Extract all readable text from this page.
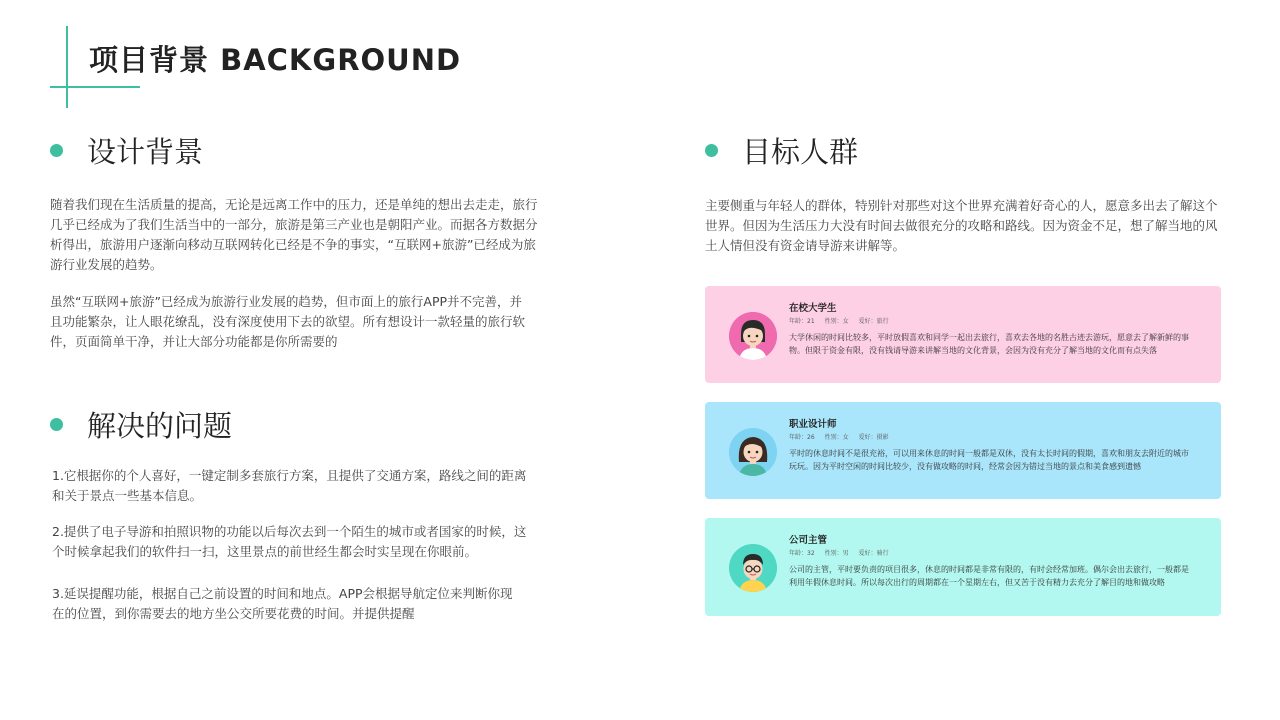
项目背景 BACKGROUND
设计背景

随着我们现在生活质量的提高，无论是远离工作中的压力，还是单纯的想出去走走，旅行几乎已经成为了我们生活当中的一部分，旅游是第三产业也是朝阳产业。而据各方数据分析得出，旅游用户逐渐向移动互联网转化已经是不争的事实，“互联网+旅游”已经成为旅游行业发展的趋势。

虽然“互联网+旅游”已经成为旅游行业发展的趋势，但市面上的旅行APP并不完善，并且功能繁杂，让人眼花缭乱，没有深度使用下去的欲望。所有想设计一款轻量的旅行软件，页面简单干净，并让大部分功能都是你所需要的

解决的问题

1.它根据你的个人喜好，一键定制多套旅行方案，且提供了交通方案，路线之间的距离和关于景点一些基本信息。

2.提供了电子导游和拍照识物的功能以后每次去到一个陌生的城市或者国家的时候，这个时候拿起我们的软件扫一扫，这里景点的前世经生都会时实呈现在你眼前。

3.延误提醒功能，根据自己之前设置的时间和地点。APP会根据导航定位来判断你现在的位置，到你需要去的地方坐公交所要花费的时间。并提供提醒

目标人群

主要侧重与年轻人的群体，特别针对那些对这个世界充满着好奇心的人，愿意多出去了解这个世界。但因为生活压力大没有时间去做很充分的攻略和路线。因为资金不足，想了解当地的风土人情但没有资金请导游来讲解等。

在校大学生
年龄：21 性别：女 爱好：旅行

大学休闲的时间比较多，平时放假喜欢和同学一起出去旅行，喜欢去各地的名胜古迹去游玩，愿意去了解新鲜的事物。但限于资金有限，没有钱请导游来讲解当地的文化背景，会因为没有充分了解当地的文化而有点失落

职业设计师
年龄：26 性别：女 爱好：摄影

平时的休息时间不是很充裕，可以用来休息的时间一般都是双休，没有太长时间的假期，喜欢和朋友去附近的城市玩玩。因为平时空闲的时间比较少，没有做攻略的时间，经常会因为错过当地的景点和美食感到遗憾

公司主管
年龄：32 性别：男 爱好：骑行

公司的主管，平时要负责的项目很多，休息的时间都是非常有限的，有时会经常加班。偶尔会出去旅行，一般都是利用年假休息时间。所以每次出行的周期都在一个星期左右，但又苦于没有精力去充分了解目的地和做攻略
